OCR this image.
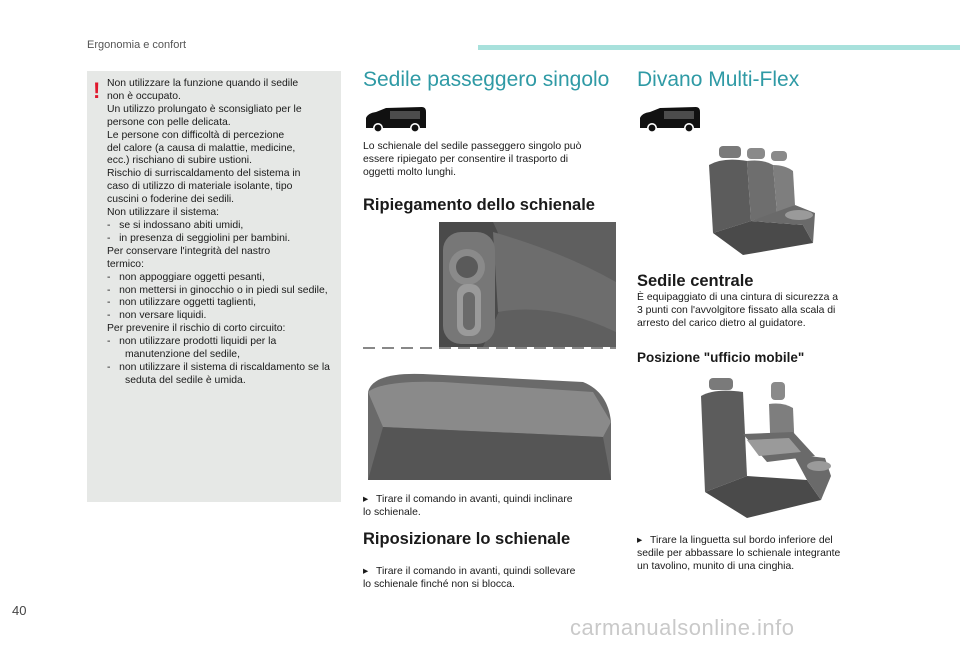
Ergonomia e confort
! Non utilizzare la funzione quando il sedile
non è occupato.
Un utilizzo prolungato è sconsigliato per le
persone con pelle delicata.
Le persone con difficoltà di percezione
del calore (a causa di malattie, medicine,
ecc.) rischiano di subire ustioni.
Rischio di surriscaldamento del sistema in
caso di utilizzo di materiale isolante, tipo
cuscini o foderine dei sedili.
Non utilizzare il sistema:
-   se si indossano abiti umidi,
-   in presenza di seggiolini per bambini.
Per conservare l'integrità del nastro
termico:
-   non appoggiare oggetti pesanti,
-   non mettersi in ginocchio o in piedi sul sedile,
-   non utilizzare oggetti taglienti,
-   non versare liquidi.
Per prevenire il rischio di corto circuito:
-   non utilizzare prodotti liquidi per la manutenzione del sedile,
-   non utilizzare il sistema di riscaldamento se la seduta del sedile è umida.
Sedile passeggero singolo
Lo schienale del sedile passeggero singolo può
essere ripiegato per consentire il trasporto di
oggetti molto lunghi.
Ripiegamento dello schienale
▸ Tirare il comando in avanti, quindi inclinare
lo schienale.
Riposizionare lo schienale
▸ Tirare il comando in avanti, quindi sollevare
lo schienale finché non si blocca.
Divano Multi-Flex
Sedile centrale
È equipaggiato di una cintura di sicurezza a
3 punti con l'avvolgitore fissato alla scala di
arresto del carico dietro al guidatore.
Posizione "ufficio mobile"
▸ Tirare la linguetta sul bordo inferiore del
sedile per abbassare lo schienale integrante
un tavolino, munito di una cinghia.
40
carmanualsonline.info
